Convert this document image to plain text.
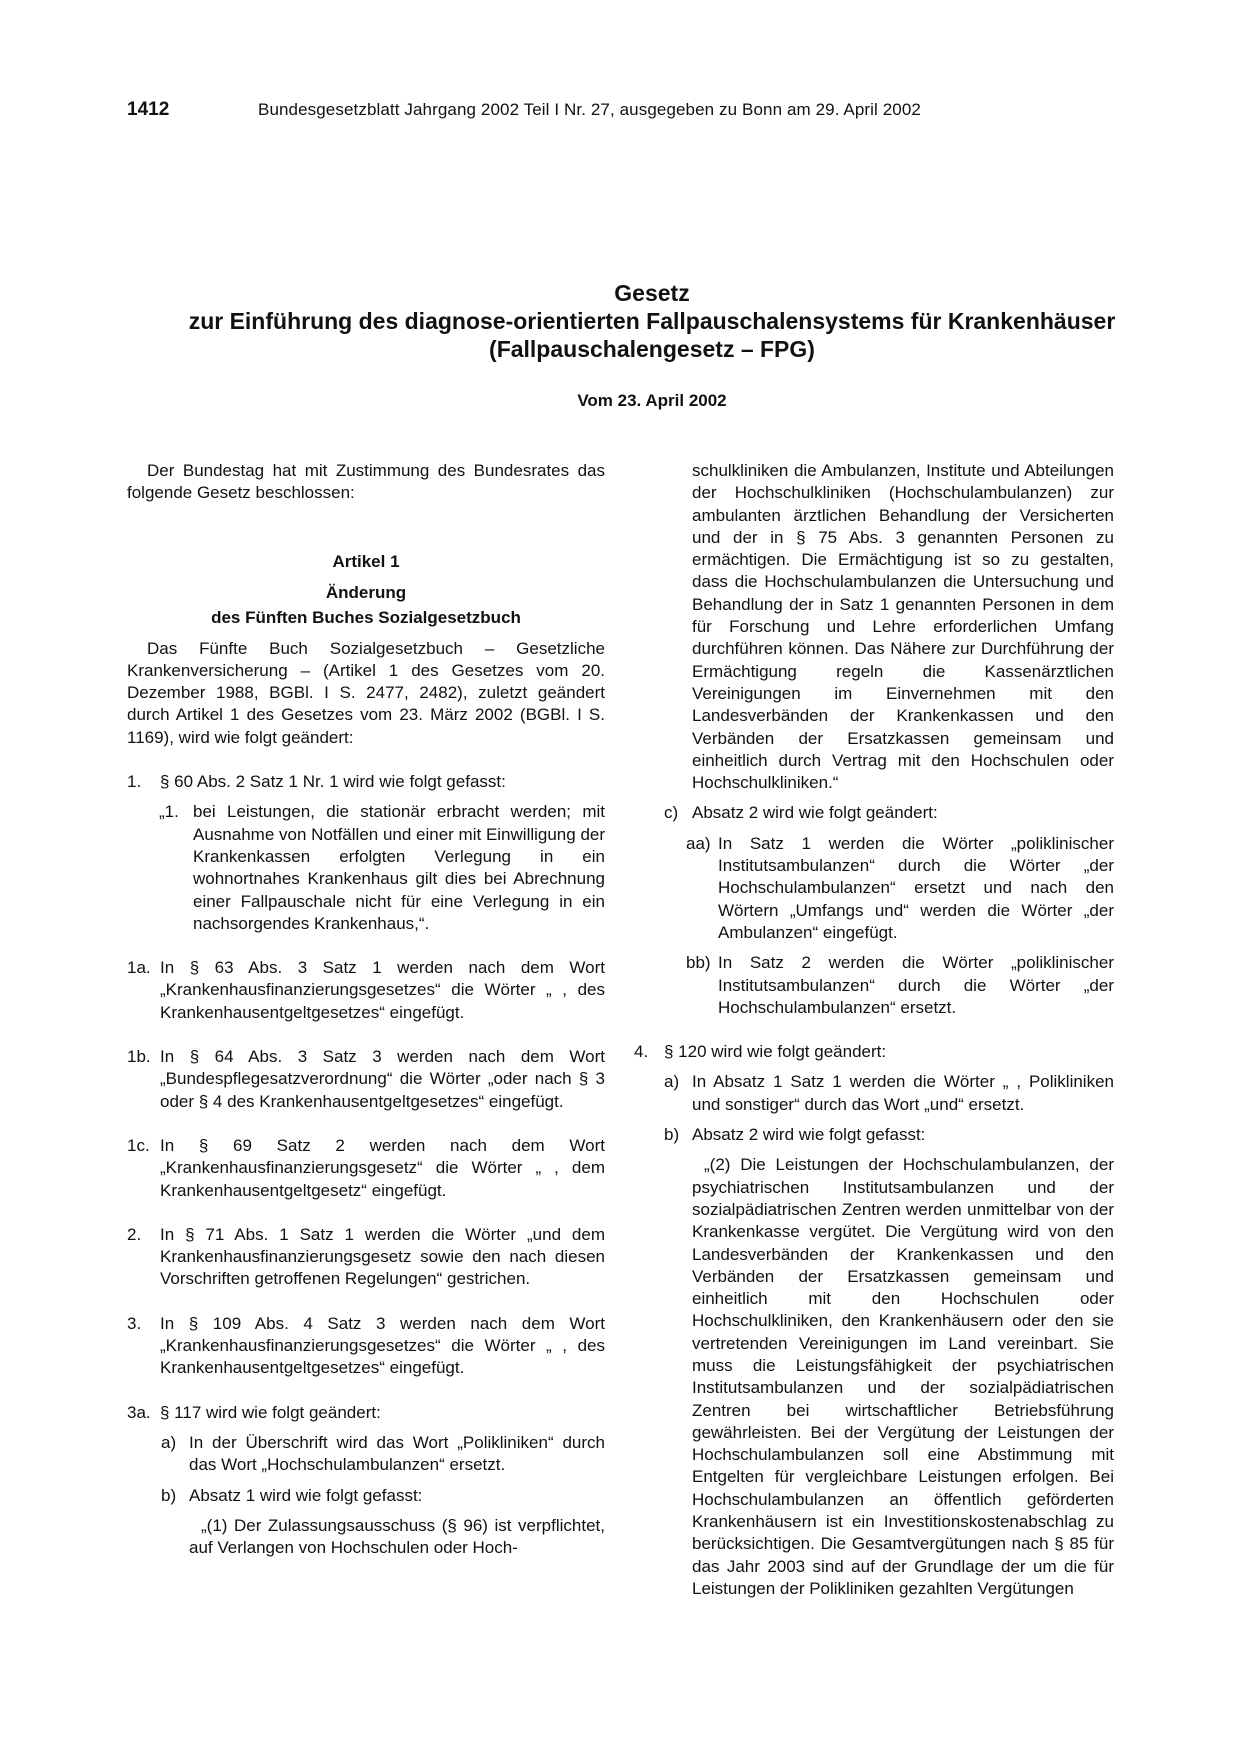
1412	Bundesgesetzblatt Jahrgang 2002 Teil I Nr. 27, ausgegeben zu Bonn am 29. April 2002
Gesetz
zur Einführung des diagnose-orientierten Fallpauschalensystems für Krankenhäuser
(Fallpauschalengesetz – FPG)
Vom 23. April 2002

Der Bundestag hat mit Zustimmung des Bundesrates das folgende Gesetz beschlossen:

Artikel 1
Änderung
des Fünften Buches Sozialgesetzbuch

Das Fünfte Buch Sozialgesetzbuch – Gesetzliche Krankenversicherung – (Artikel 1 des Gesetzes vom 20. Dezember 1988, BGBl. I S. 2477, 2482), zuletzt geändert durch Artikel 1 des Gesetzes vom 23. März 2002 (BGBl. I S. 1169), wird wie folgt geändert:

1. § 60 Abs. 2 Satz 1 Nr. 1 wird wie folgt gefasst:

„1. bei Leistungen, die stationär erbracht werden; mit Ausnahme von Notfällen und einer mit Einwilligung der Krankenkassen erfolgten Verlegung in ein wohnortnahes Krankenhaus gilt dies bei Abrechnung einer Fallpauschale nicht für eine Verlegung in ein nachsorgendes Krankenhaus,“.

1a. In § 63 Abs. 3 Satz 1 werden nach dem Wort „Krankenhausfinanzierungsgesetzes“ die Wörter „ , des Krankenhausentgeltgesetzes“ eingefügt.

1b. In § 64 Abs. 3 Satz 3 werden nach dem Wort „Bundespflegesatzverordnung“ die Wörter „oder nach § 3 oder § 4 des Krankenhausentgeltgesetzes“ eingefügt.

1c. In § 69 Satz 2 werden nach dem Wort „Krankenhausfinanzierungsgesetz“ die Wörter „ , dem Krankenhausentgeltgesetz“ eingefügt.

2. In § 71 Abs. 1 Satz 1 werden die Wörter „und dem Krankenhausfinanzierungsgesetz sowie den nach diesen Vorschriften getroffenen Regelungen“ gestrichen.

3. In § 109 Abs. 4 Satz 3 werden nach dem Wort „Krankenhausfinanzierungsgesetzes“ die Wörter „ , des Krankenhausentgeltgesetzes“ eingefügt.

3a. § 117 wird wie folgt geändert:

a) In der Überschrift wird das Wort „Polikliniken“ durch das Wort „Hochschulambulanzen“ ersetzt.

b) Absatz 1 wird wie folgt gefasst:

„(1) Der Zulassungsausschuss (§ 96) ist verpflichtet, auf Verlangen von Hochschulen oder Hoch-

schulkliniken die Ambulanzen, Institute und Abteilungen der Hochschulkliniken (Hochschulambulanzen) zur ambulanten ärztlichen Behandlung der Versicherten und der in § 75 Abs. 3 genannten Personen zu ermächtigen. Die Ermächtigung ist so zu gestalten, dass die Hochschulambulanzen die Untersuchung und Behandlung der in Satz 1 genannten Personen in dem für Forschung und Lehre erforderlichen Umfang durchführen können. Das Nähere zur Durchführung der Ermächtigung regeln die Kassenärztlichen Vereinigungen im Einvernehmen mit den Landesverbänden der Krankenkassen und den Verbänden der Ersatzkassen gemeinsam und einheitlich durch Vertrag mit den Hochschulen oder Hochschulkliniken.“

c) Absatz 2 wird wie folgt geändert:

aa) In Satz 1 werden die Wörter „poliklinischer Institutsambulanzen“ durch die Wörter „der Hochschulambulanzen“ ersetzt und nach den Wörtern „Umfangs und“ werden die Wörter „der Ambulanzen“ eingefügt.

bb) In Satz 2 werden die Wörter „poliklinischer Institutsambulanzen“ durch die Wörter „der Hochschulambulanzen“ ersetzt.

4. § 120 wird wie folgt geändert:

a) In Absatz 1 Satz 1 werden die Wörter „ , Polikliniken und sonstiger“ durch das Wort „und“ ersetzt.

b) Absatz 2 wird wie folgt gefasst:

„(2) Die Leistungen der Hochschulambulanzen, der psychiatrischen Institutsambulanzen und der sozialpädiatrischen Zentren werden unmittelbar von der Krankenkasse vergütet. Die Vergütung wird von den Landesverbänden der Krankenkassen und den Verbänden der Ersatzkassen gemeinsam und einheitlich mit den Hochschulen oder Hochschulkliniken, den Krankenhäusern oder den sie vertretenden Vereinigungen im Land vereinbart. Sie muss die Leistungsfähigkeit der psychiatrischen Institutsambulanzen und der sozialpädiatrischen Zentren bei wirtschaftlicher Betriebsführung gewährleisten. Bei der Vergütung der Leistungen der Hochschulambulanzen soll eine Abstimmung mit Entgelten für vergleichbare Leistungen erfolgen. Bei Hochschulambulanzen an öffentlich geförderten Krankenhäusern ist ein Investitionskostenabschlag zu berücksichtigen. Die Gesamtvergütungen nach § 85 für das Jahr 2003 sind auf der Grundlage der um die für Leistungen der Polikliniken gezahlten Vergütungen
